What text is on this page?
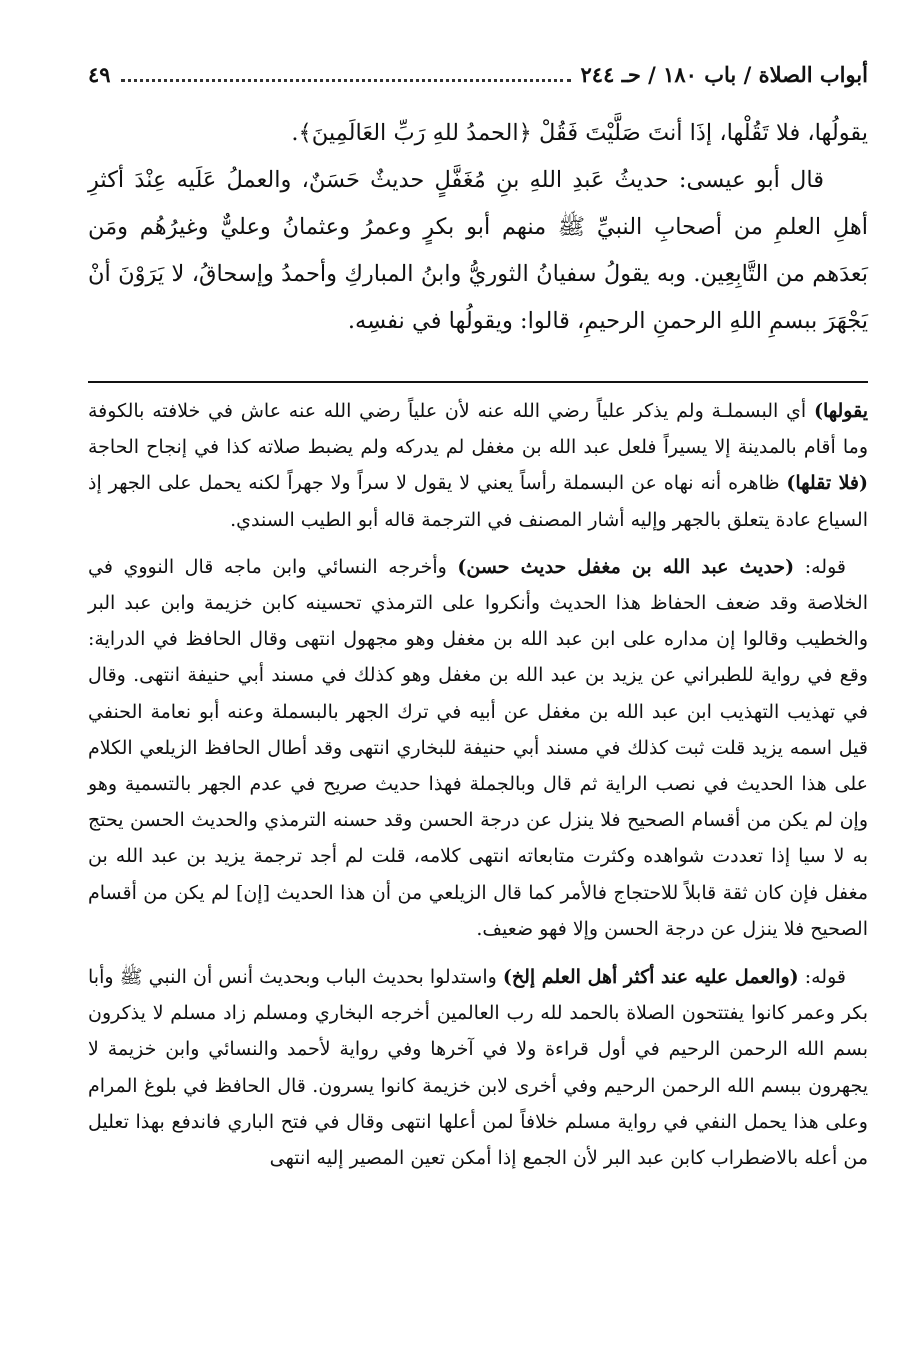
أبواب الصلاة / باب ١٨٠ / حـ ٢٤٤
٤٩

يقولُها، فلا تَقُلْها، إذَا أنتَ صَلَّيْتَ فَقُلْ ﴿الحمدُ للهِ رَبِّ العَالَمِينَ﴾.

قال أبو عيسى: حديثُ عَبدِ اللهِ بنِ مُغَفَّلٍ حديثٌ حَسَنٌ، والعملُ عَلَيه عِنْدَ أكثرِ أهلِ العلمِ من أصحابِ النبيِّ ﷺ منهم أبو بكرٍ وعمرُ وعثمانُ وعليٌّ وغيرُهُم ومَن بَعدَهم من التَّابِعِين. وبه يقولُ سفيانُ الثوريُّ وابنُ المباركِ وأحمدُ وإسحاقُ، لا يَرَوْنَ أنْ يَجْهَرَ ببسمِ اللهِ الرحمنِ الرحيمِ، قالوا: ويقولُها في نفسِه.

يقولها) أي البسملـة ولم يذكر علياً رضي الله عنه لأن علياً رضي الله عنه عاش في خلافته بالكوفة وما أقام بالمدينة إلا يسيراً فلعل عبد الله بن مغفل لم يدركه ولم يضبط صلاته كذا في إنجاح الحاجة (فلا تقلها) ظاهره أنه نهاه عن البسملة رأساً يعني لا يقول لا سراً ولا جهراً لكنه يحمل على الجهر إذ السياع عادة يتعلق بالجهر وإليه أشار المصنف في الترجمة قاله أبو الطيب السندي.

قوله: (حديث عبد الله بن مغفل حديث حسن) وأخرجه النسائي وابن ماجه قال النووي في الخلاصة وقد ضعف الحفاظ هذا الحديث وأنكروا على الترمذي تحسينه كابن خزيمة وابن عبد البر والخطيب وقالوا إن مداره على ابن عبد الله بن مغفل وهو مجهول انتهى وقال الحافظ في الدراية: وقع في رواية للطبراني عن يزيد بن عبد الله بن مغفل وهو كذلك في مسند أبي حنيفة انتهى. وقال في تهذيب التهذيب ابن عبد الله بن مغفل عن أبيه في ترك الجهر بالبسملة وعنه أبو نعامة الحنفي قيل اسمه يزيد قلت ثبت كذلك في مسند أبي حنيفة للبخاري انتهى وقد أطال الحافظ الزيلعي الكلام على هذا الحديث في نصب الراية ثم قال وبالجملة فهذا حديث صريح في عدم الجهر بالتسمية وهو وإن لم يكن من أقسام الصحيح فلا ينزل عن درجة الحسن وقد حسنه الترمذي والحديث الحسن يحتج به لا سيا إذا تعددت شواهده وكثرت متابعاته انتهى كلامه، قلت لم أجد ترجمة يزيد بن عبد الله بن مغفل فإن كان ثقة قابلاً للاحتجاج فالأمر كما قال الزيلعي من أن هذا الحديث [إن] لم يكن من أقسام الصحيح فلا ينزل عن درجة الحسن وإلا فهو ضعيف.

قوله: (والعمل عليه عند أكثر أهل العلم إلخ) واستدلوا بحديث الباب وبحديث أنس أن النبي ﷺ وأبا بكر وعمر كانوا يفتتحون الصلاة بالحمد لله رب العالمين أخرجه البخاري ومسلم زاد مسلم لا يذكرون بسم الله الرحمن الرحيم في أول قراءة ولا في آخرها وفي رواية لأحمد والنسائي وابن خزيمة لا يجهرون ببسم الله الرحمن الرحيم وفي أخرى لابن خزيمة كانوا يسرون. قال الحافظ في بلوغ المرام وعلى هذا يحمل النفي في رواية مسلم خلافاً لمن أعلها انتهى وقال في فتح الباري فاندفع بهذا تعليل من أعله بالاضطراب كابن عبد البر لأن الجمع إذا أمكن تعين المصير إليه انتهى
